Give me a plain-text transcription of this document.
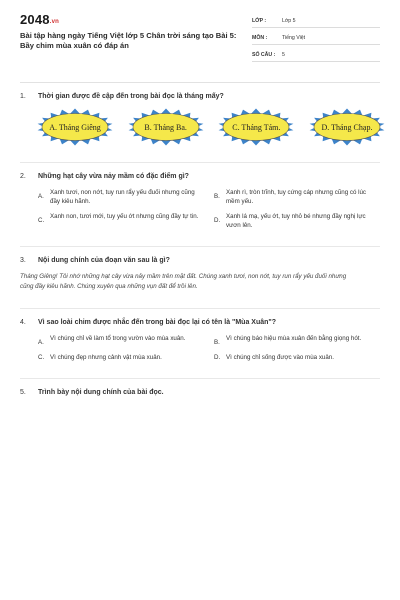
2048.vn
Bài tập hàng ngày Tiếng Việt lớp 5 Chân trời sáng tạo Bài 5: Bầy chim mùa xuân có đáp án
LỚP :	Lớp 5
MÔN :	Tiếng Việt
SỐ CÂU :	5
1.	Thời gian được đề cập đến trong bài đọc là tháng mấy?
A. Tháng Giêng	B. Tháng Ba.	C. Tháng Tám.	D. Tháng Chạp.
2.	Những hạt cây vừa nảy mầm có đặc điểm gì?
A.
Xanh tươi, non nớt, tuy run rẩy yếu đuối nhưng cũng đầy kiêu hãnh.
B.
Xanh rì, tròn trĩnh, tuy cứng cáp nhưng cũng có lúc mềm yếu.
C.
Xanh non, tươi mới, tuy yếu ớt nhưng cũng đầy tự tin.
D.
Xanh lá mạ, yếu ớt, tuy nhỏ bé nhưng đầy nghị lực vươn lên.
3.	Nội dung chính của đoạn văn sau là gì?
Tháng Giêng! Tôi nhớ những hạt cây vừa nảy mầm trên mặt đất. Chúng xanh tươi, non nớt, tuy run rẩy yếu đuối nhưng cũng đầy kiêu hãnh. Chúng xuyên qua những vụn đất để trồi lên.
4.	Vì sao loài chim được nhắc đến trong bài đọc lại có tên là "Mùa Xuân"?
A.
Vì chúng chỉ về làm tổ trong vườn vào mùa xuân.
B.
Vì chúng báo hiệu mùa xuân đến bằng giọng hót.
C. Vì chúng đẹp nhưng cảnh vật mùa xuân.	D. Vì chúng chỉ sống được vào mùa xuân.
5.	Trình bày nội dung chính của bài đọc.
